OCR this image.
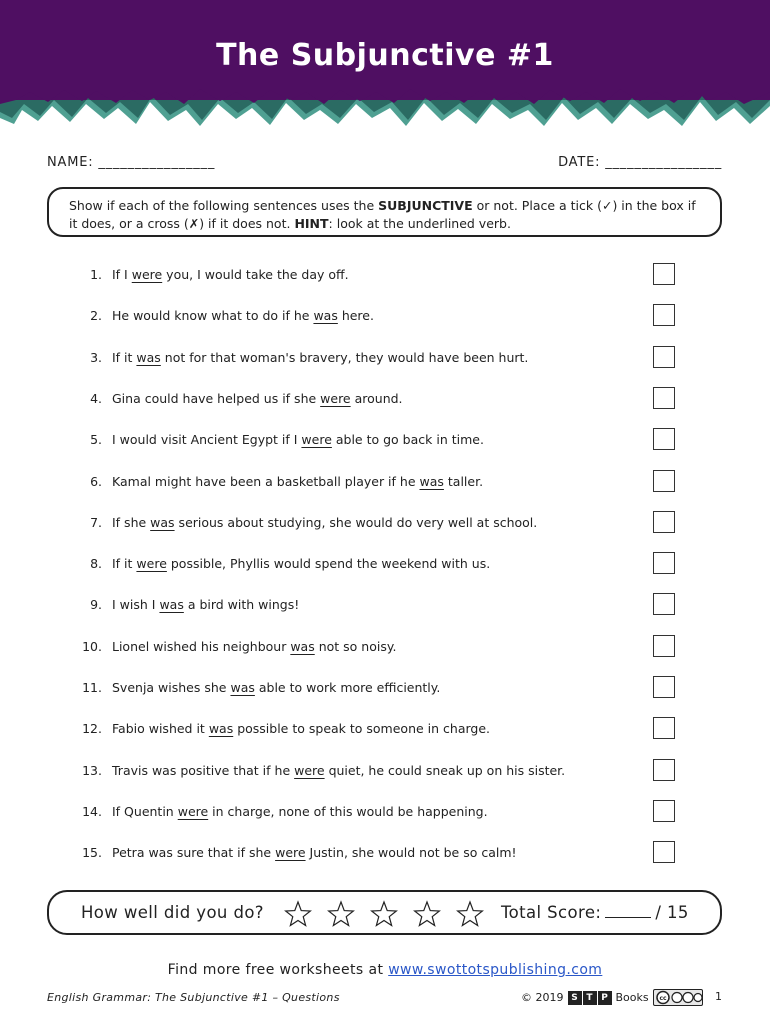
The Subjunctive #1
NAME: ________________	DATE: ________________
Show if each of the following sentences uses the SUBJUNCTIVE or not. Place a tick (✓) in the box if it does, or a cross (✗) if it does not. HINT: look at the underlined verb.
1. If I were you, I would take the day off.
2. He would know what to do if he was here.
3. If it was not for that woman's bravery, they would have been hurt.
4. Gina could have helped us if she were around.
5. I would visit Ancient Egypt if I were able to go back in time.
6. Kamal might have been a basketball player if he was taller.
7. If she was serious about studying, she would do very well at school.
8. If it were possible, Phyllis would spend the weekend with us.
9. I wish I was a bird with wings!
10. Lionel wished his neighbour was not so noisy.
11. Svenja wishes she was able to work more efficiently.
12. Fabio wished it was possible to speak to someone in charge.
13. Travis was positive that if he were quiet, he could sneak up on his sister.
14. If Quentin were in charge, none of this would be happening.
15. Petra was sure that if she were Justin, she would not be so calm!
How well did you do?	Total Score:	/ 15
Find more free worksheets at www.swottotspublishing.com
English Grammar: The Subjunctive #1 – Questions	© 2019 S T P Books cc	1
